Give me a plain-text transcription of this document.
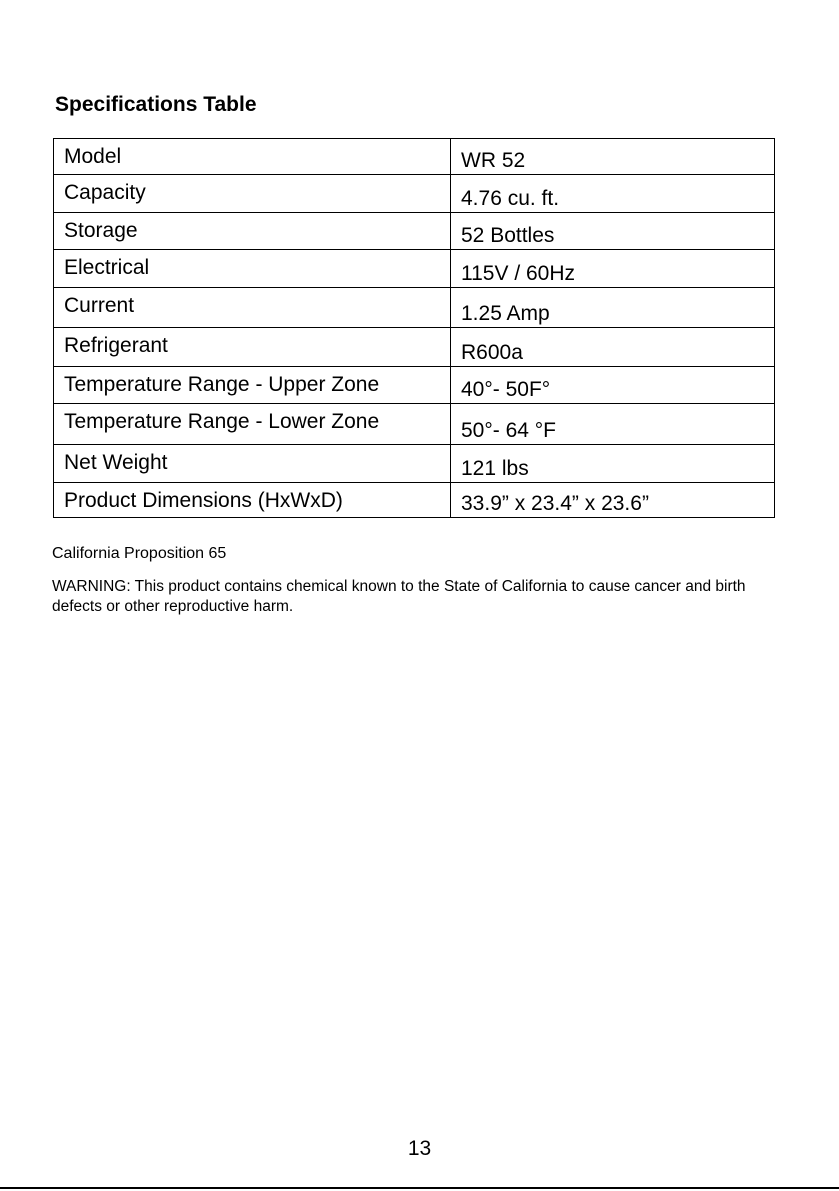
Specifications Table
Model	WR 52
Capacity	4.76 cu. ft.
Storage	52 Bottles
Electrical	115V / 60Hz
Current	1.25 Amp
Refrigerant	R600a
Temperature Range - Upper Zone	40°- 50F°
Temperature Range - Lower Zone	50°- 64 °F
Net Weight	121 lbs
Product Dimensions (HxWxD)	33.9” x 23.4” x 23.6”

California Proposition 65

WARNING: This product contains chemical known to the State of California to cause cancer and birth defects or other reproductive harm.

13
